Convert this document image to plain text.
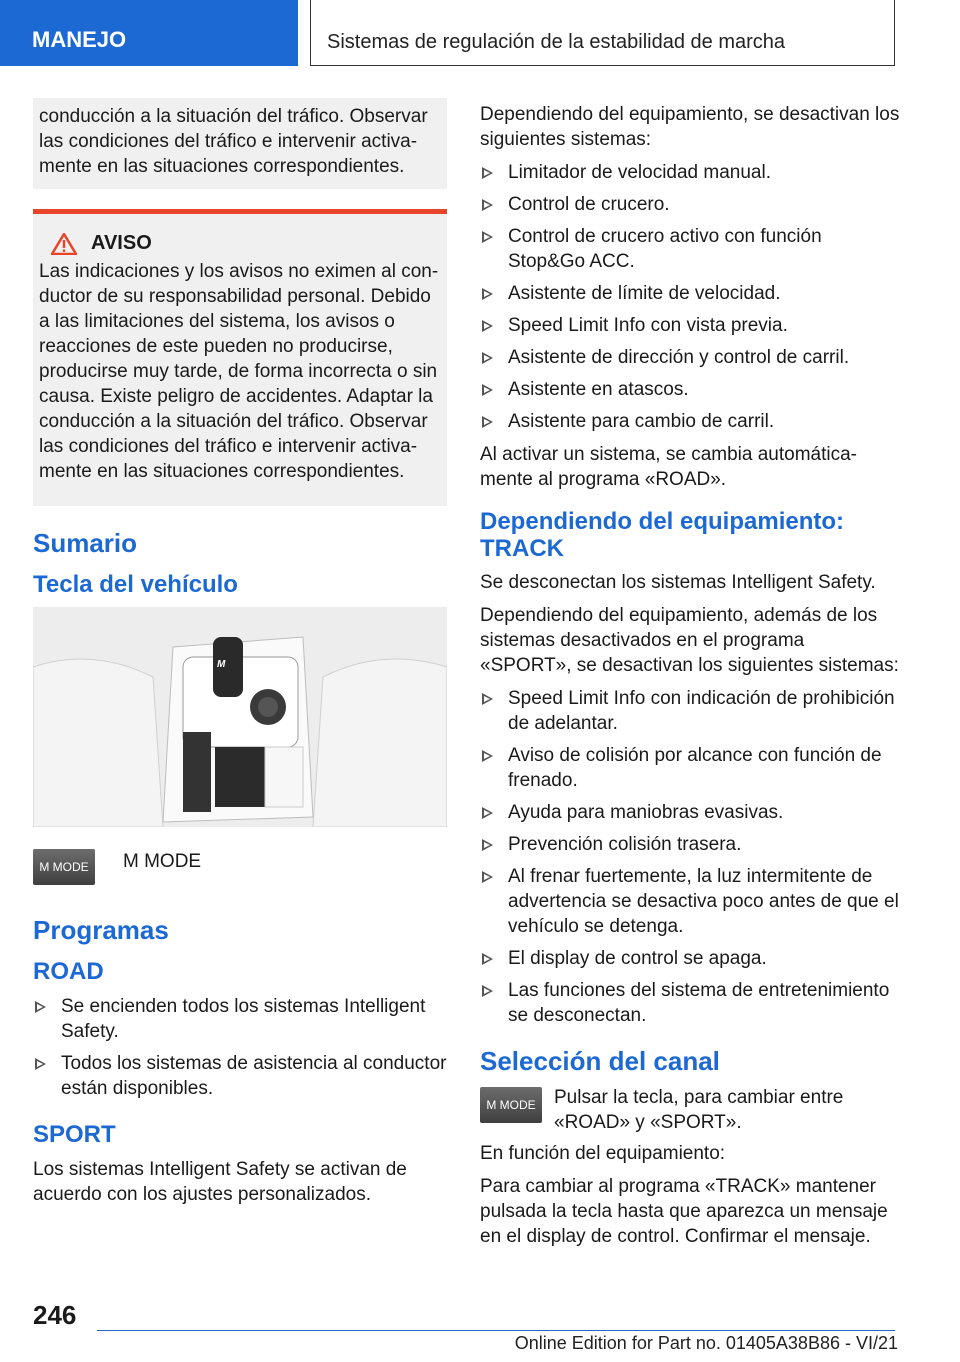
MANEJO	Sistemas de regulación de la estabilidad de marcha

conducción a la situación del tráfico. Observar las condiciones del tráfico e intervenir activamente en las situaciones correspondientes.

AVISO

Las indicaciones y los avisos no eximen al conductor de su responsabilidad personal. Debido a las limitaciones del sistema, los avisos o reacciones de este pueden no producirse, producirse muy tarde, de forma incorrecta o sin causa. Existe peligro de accidentes. Adaptar la conducción a la situación del tráfico. Observar las condiciones del tráfico e intervenir activamente en las situaciones correspondientes.

Sumario
Tecla del vehículo
M
M MODE	M MODE
Programas
ROAD
Se encienden todos los sistemas Intelligent Safety.
Todos los sistemas de asistencia al conductor están disponibles.
SPORT

Los sistemas Intelligent Safety se activan de acuerdo con los ajustes personalizados.

Dependiendo del equipamiento, se desactivan los siguientes sistemas:

Limitador de velocidad manual.
Control de crucero.
Control de crucero activo con función Stop&Go ACC.
Asistente de límite de velocidad.
Speed Limit Info con vista previa.
Asistente de dirección y control de carril.
Asistente en atascos.
Asistente para cambio de carril.

Al activar un sistema, se cambia automáticamente al programa «ROAD».

Dependiendo del equipamiento: TRACK

Se desconectan los sistemas Intelligent Safety.

Dependiendo del equipamiento, además de los sistemas desactivados en el programa «SPORT», se desactivan los siguientes sistemas:

Speed Limit Info con indicación de prohibición de adelantar.
Aviso de colisión por alcance con función de frenado.
Ayuda para maniobras evasivas.
Prevención colisión trasera.
Al frenar fuertemente, la luz intermitente de advertencia se desactiva poco antes de que el vehículo se detenga.
El display de control se apaga.
Las funciones del sistema de entretenimiento se desconectan.
Selección del canal
M MODE Pulsar la tecla, para cambiar entre «ROAD» y «SPORT».

En función del equipamiento:

Para cambiar al programa «TRACK» mantener pulsada la tecla hasta que aparezca un mensaje en el display de control. Confirmar el mensaje.

246
Online Edition for Part no. 01405A38B86 - VI/21
